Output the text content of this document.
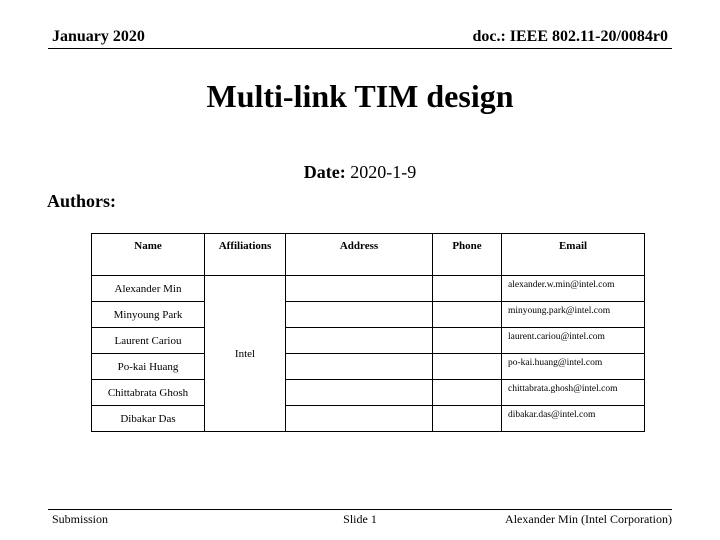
January 2020	doc.: IEEE 802.11-20/0084r0
Multi-link TIM design
Date: 2020-1-9
Authors:
Name	Affiliations	Address	Phone	Email
Alexander Min	Intel			alexander.w.min@intel.com
Minyoung Park				minyoung.park@intel.com
Laurent Cariou				laurent.cariou@intel.com
Po-kai Huang				po-kai.huang@intel.com
Chittabrata Ghosh				chittabrata.ghosh@intel.com
Dibakar Das				dibakar.das@intel.com
Submission	Slide 1	Alexander Min (Intel Corporation)
